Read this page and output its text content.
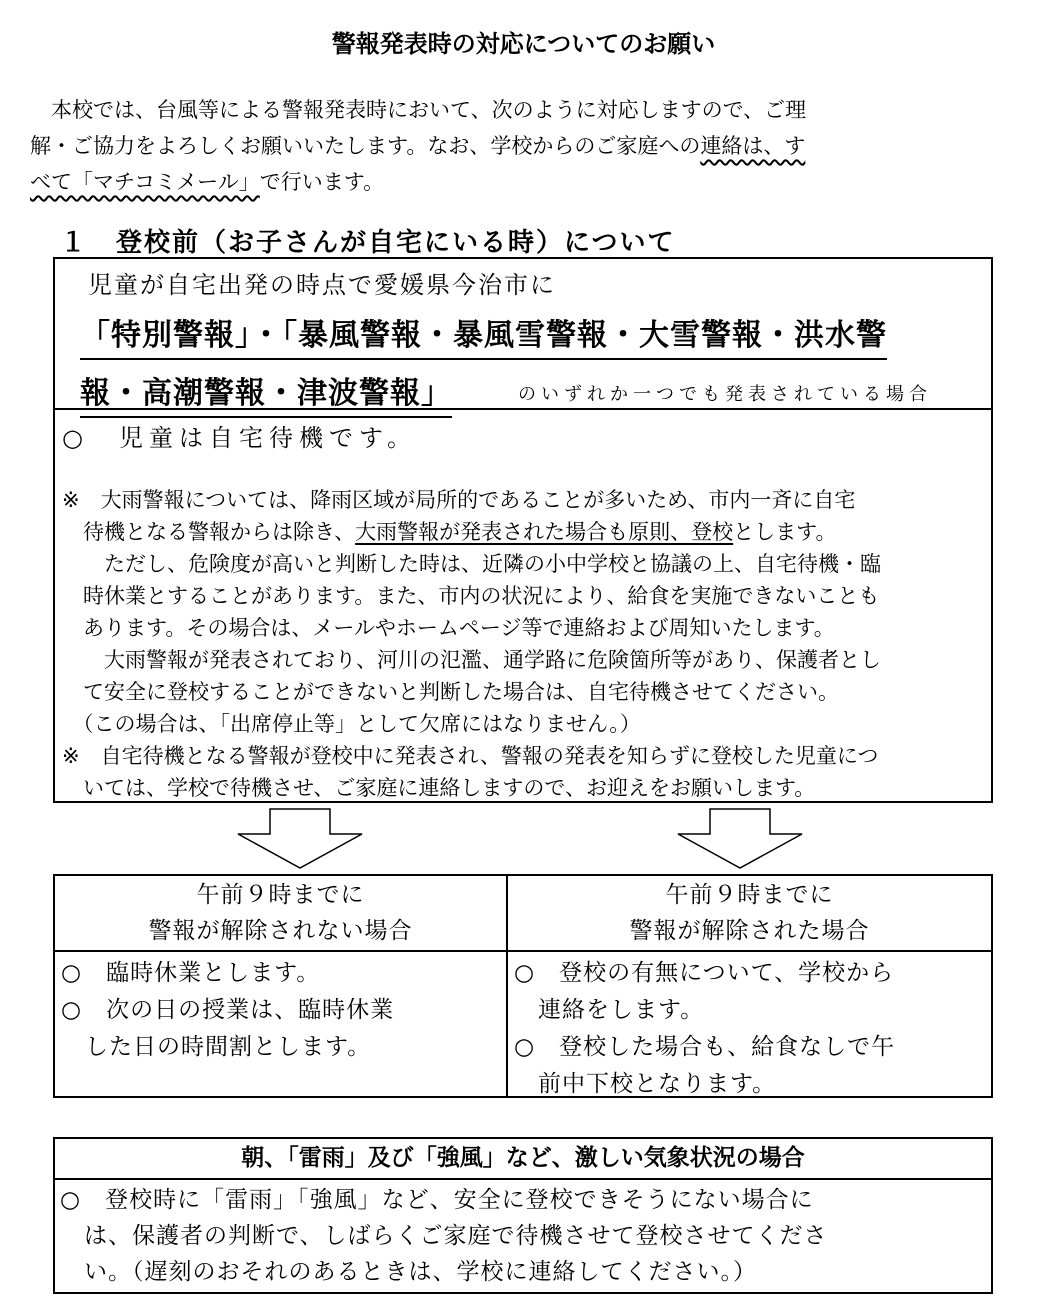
警報発表時の対応についてのお願い
　本校では、台風等による警報発表時において、次のように対応しますので、ご理
解・ご協力をよろしくお願いいたします。なお、学校からのご家庭への連絡は、す
べて「マチコミメール」で行います。
１　登校前（お子さんが自宅にいる時）について
児童が自宅出発の時点で愛媛県今治市に
「特別警報」・「暴風警報・暴風雪警報・大雪警報・洪水警
報・高潮警報・津波警報」	のいずれか一つでも発表されている場合
○　児童は自宅待機です。
※　大雨警報については、降雨区域が局所的であることが多いため、市内一斉に自宅
　待機となる警報からは除き、大雨警報が発表された場合も原則、登校とします。
　　ただし、危険度が高いと判断した時は、近隣の小中学校と協議の上、自宅待機・臨
　時休業とすることがあります。また、市内の状況により、給食を実施できないことも
　あります。その場合は、メールやホームページ等で連絡および周知いたします。
　　大雨警報が発表されており、河川の氾濫、通学路に危険箇所等があり、保護者とし
　て安全に登校することができないと判断した場合は、自宅待機させてください。
　（この場合は、「出席停止等」として欠席にはなりません。）
※　自宅待機となる警報が登校中に発表され、警報の発表を知らずに登校した児童につ
　いては、学校で待機させ、ご家庭に連絡しますので、お迎えをお願いします。
午前９時までに
警報が解除されない場合
○　臨時休業とします。
○　次の日の授業は、臨時休業
　した日の時間割とします。
午前９時までに
警報が解除された場合
○　登校の有無について、学校から
　連絡をします。
○　登校した場合も、給食なしで午
　前中下校となります。
朝、「雷雨」及び「強風」など、激しい気象状況の場合
○　登校時に「雷雨」「強風」など、安全に登校できそうにない場合に
　は、保護者の判断で、しばらくご家庭で待機させて登校させてくださ
　い。（遅刻のおそれのあるときは、学校に連絡してください。）
